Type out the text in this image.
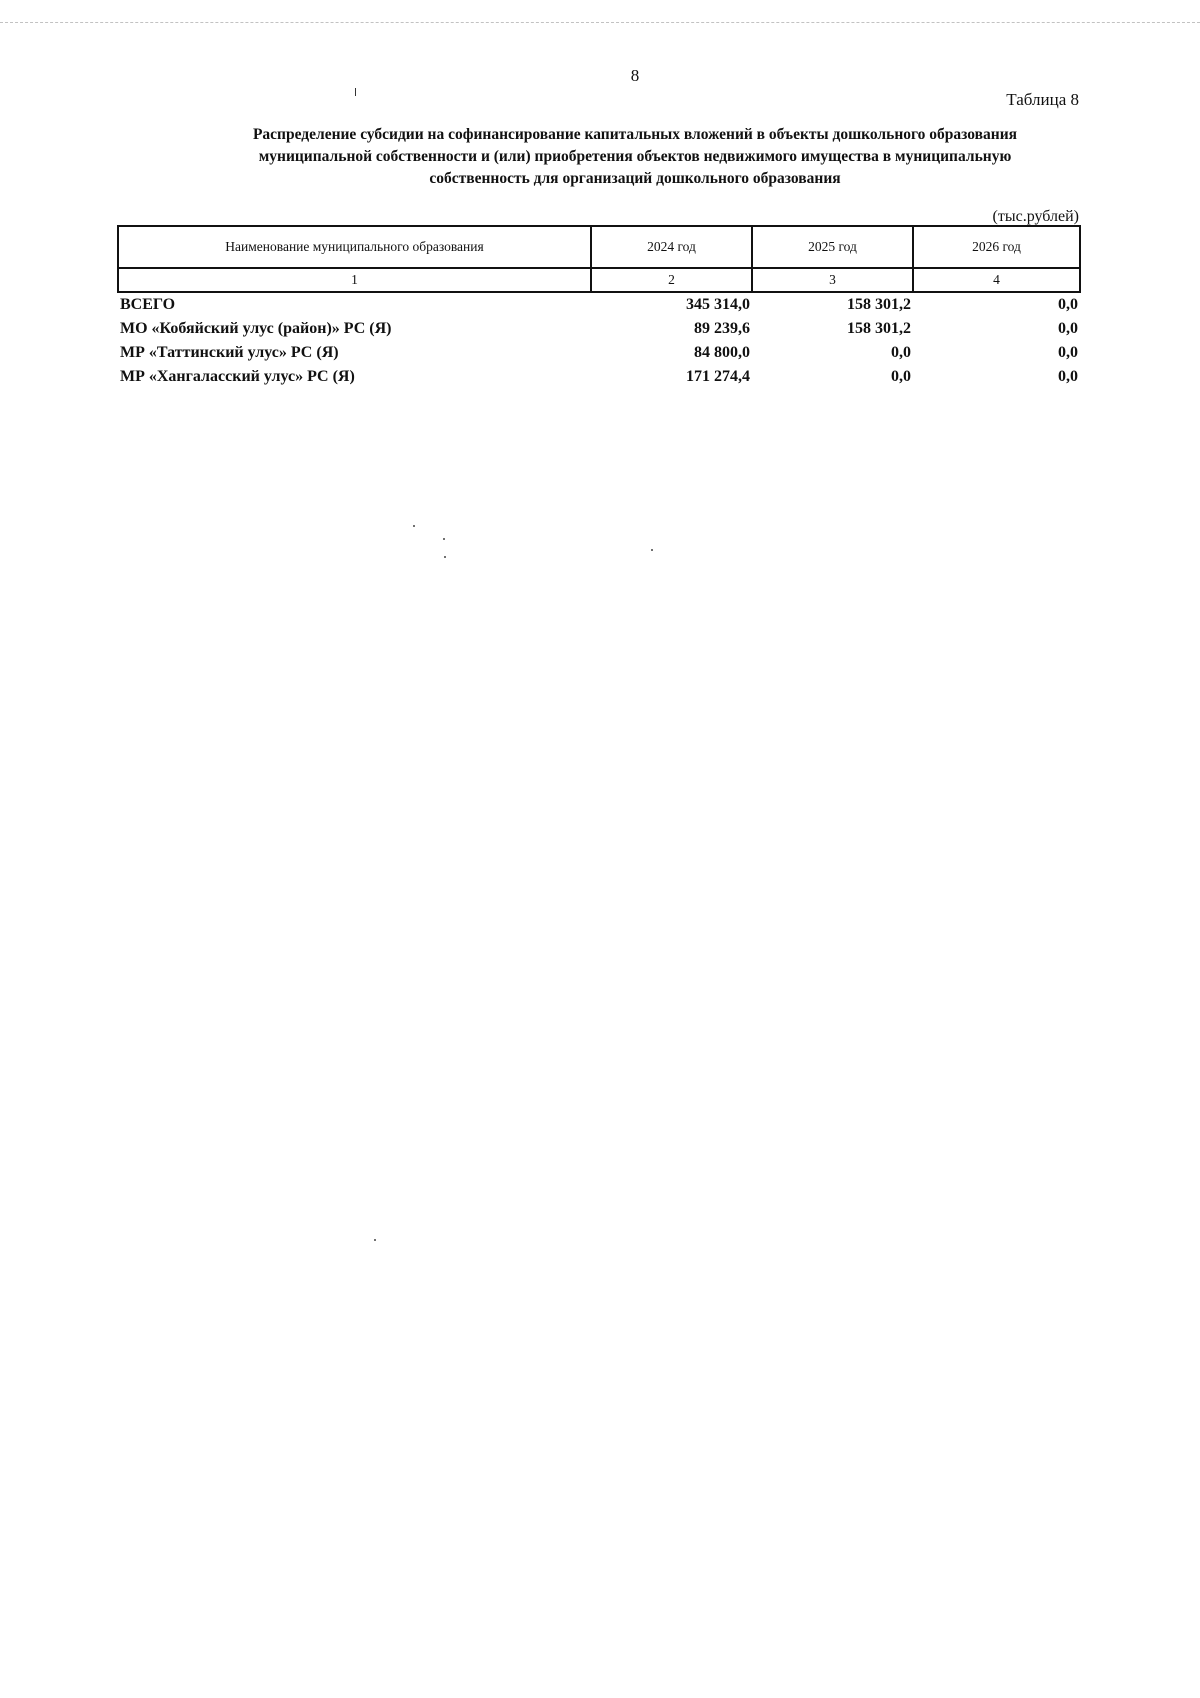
8
Таблица 8
Распределение субсидии на софинансирование капитальных вложений в объекты дошкольного образования
муниципальной собственности и (или) приобретения объектов недвижимого имущества в муниципальную
собственность для организаций дошкольного образования
(тыс.рублей)
Наименование муниципального образования	2024 год	2025 год	2026 год
1	2	3	4
ВСЕГО	345 314,0	158 301,2	0,0
МО «Кобяйский улус (район)» РС (Я)	89 239,6	158 301,2	0,0
МР «Таттинский улус» РС (Я)	84 800,0	0,0	0,0
МР «Хангаласский улус» РС (Я)	171 274,4	0,0	0,0
